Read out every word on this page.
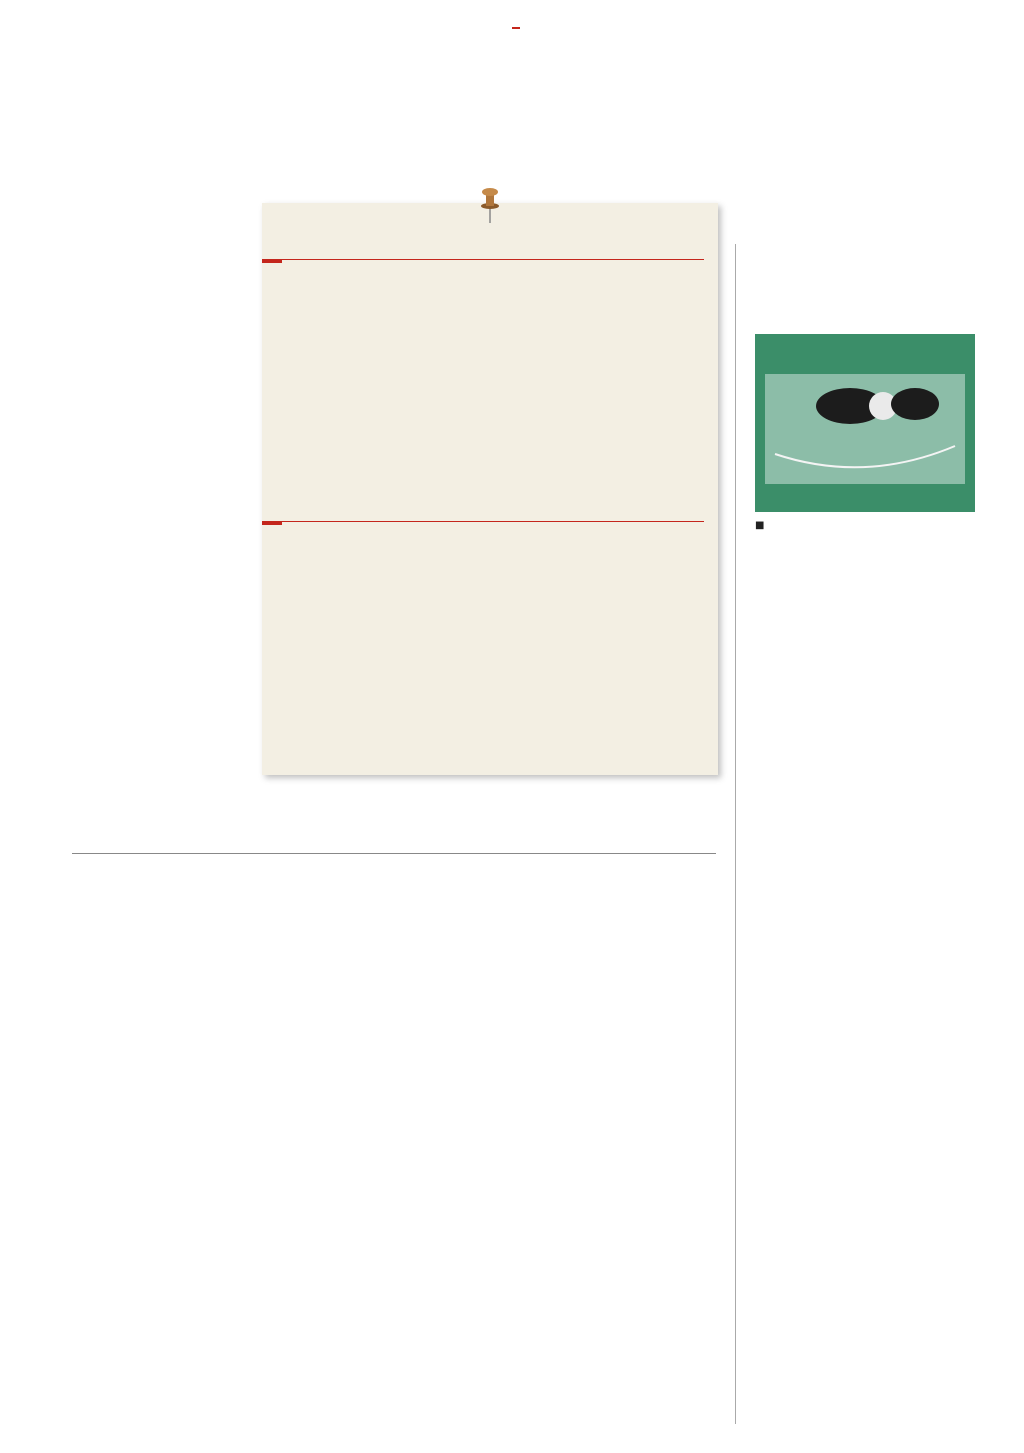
■
